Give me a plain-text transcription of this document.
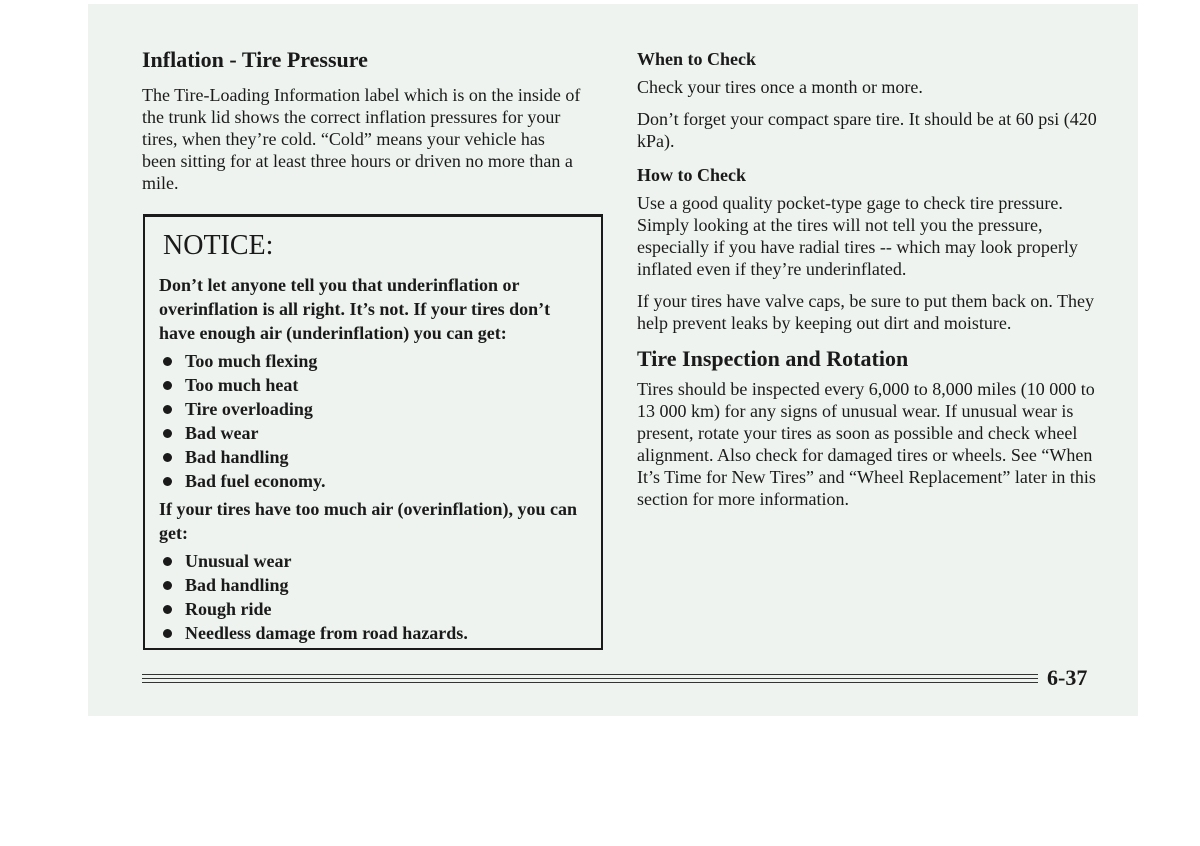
Inflation - Tire Pressure

The Tire-Loading Information label which is on the inside of the trunk lid shows the correct inflation pressures for your tires, when they’re cold. “Cold” means your vehicle has been sitting for at least three hours or driven no more than a mile.

NOTICE:

Don’t let anyone tell you that underinflation or overinflation is all right. It’s not. If your tires don’t have enough air (underinflation) you can get:

Too much flexing
Too much heat
Tire overloading
Bad wear
Bad handling
Bad fuel economy.

If your tires have too much air (overinflation), you can get:

Unusual wear
Bad handling
Rough ride
Needless damage from road hazards.
When to Check

Check your tires once a month or more.

Don’t forget your compact spare tire. It should be at 60 psi (420 kPa).

How to Check

Use a good quality pocket-type gage to check tire pressure. Simply looking at the tires will not tell you the pressure, especially if you have radial tires -- which may look properly inflated even if they’re underinflated.

If your tires have valve caps, be sure to put them back on. They help prevent leaks by keeping out dirt and moisture.

Tire Inspection and Rotation

Tires should be inspected every 6,000 to 8,000 miles (10 000 to 13 000 km) for any signs of unusual wear. If unusual wear is present, rotate your tires as soon as possible and check wheel alignment. Also check for damaged tires or wheels. See “When It’s Time for New Tires” and “Wheel Replacement” later in this section for more information.

6-37
